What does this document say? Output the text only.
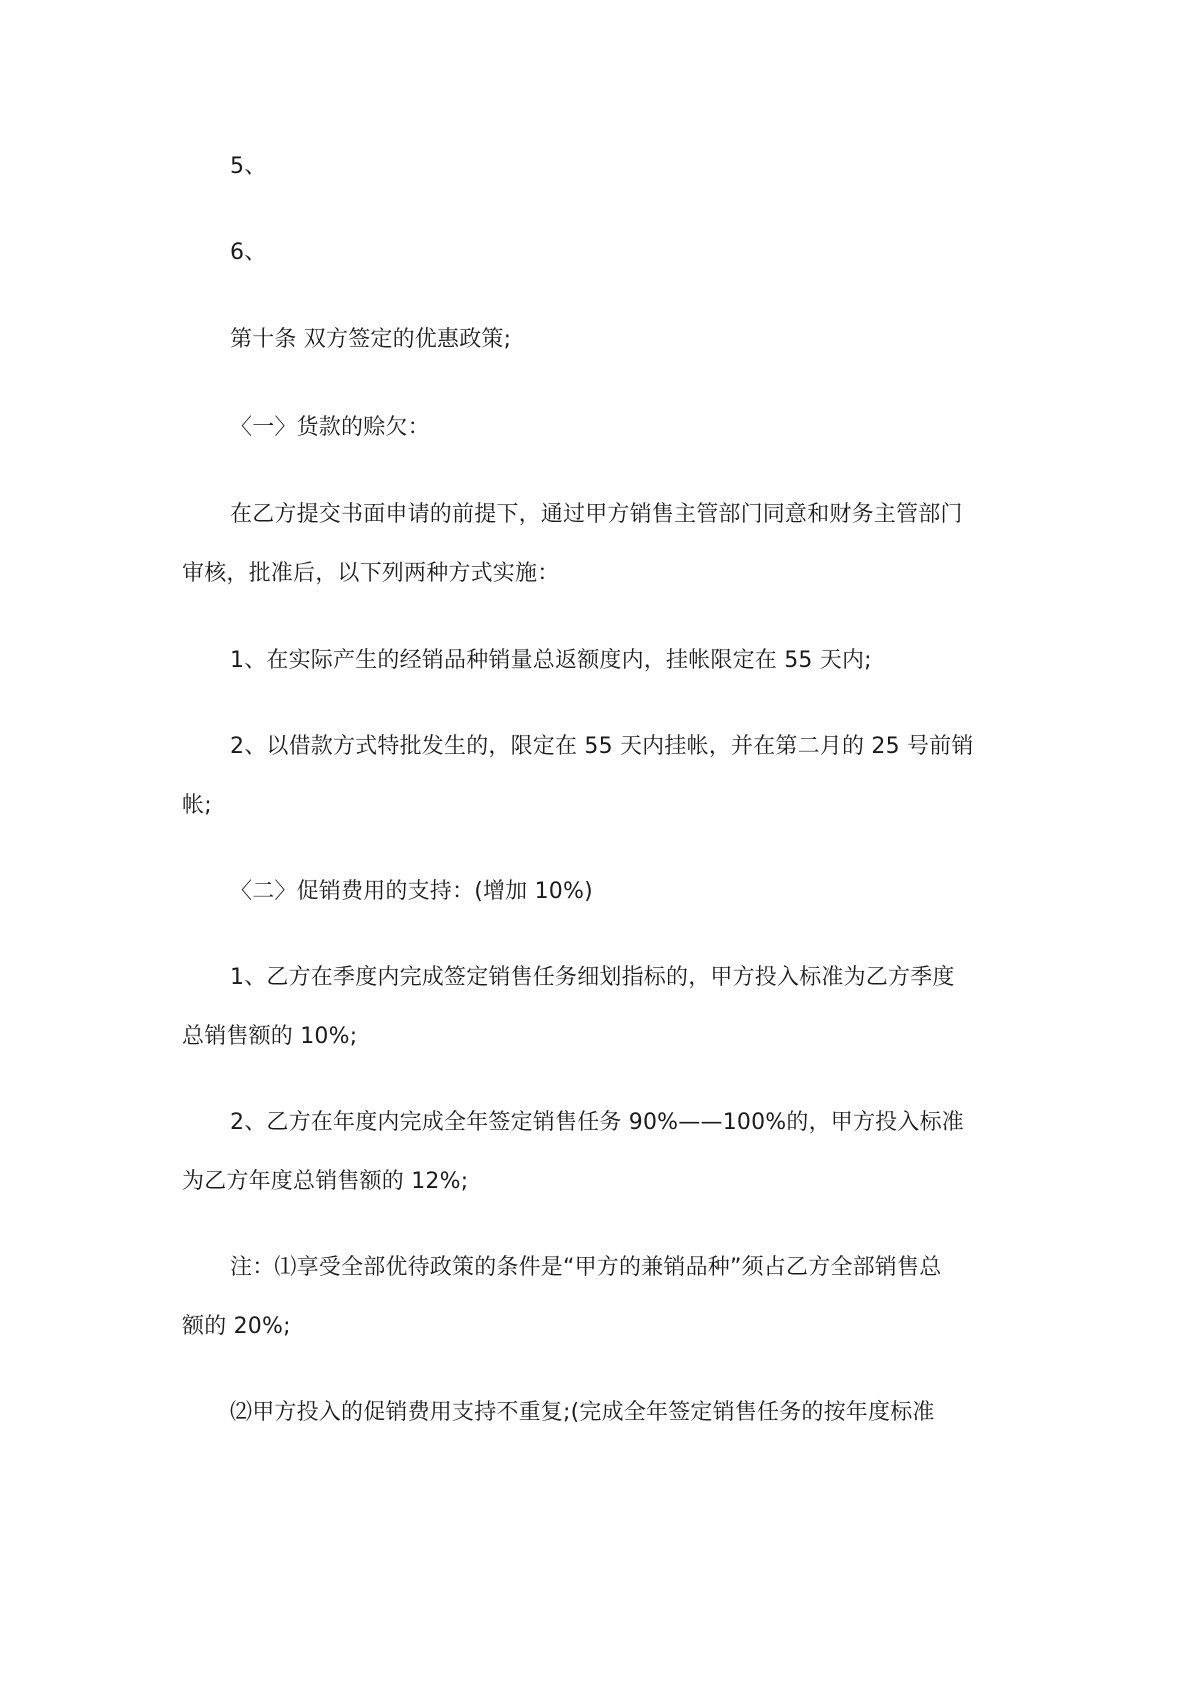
5、
6、
第十条 双方签定的优惠政策;
〈一〉货款的赊欠：
在乙方提交书面申请的前提下，通过甲方销售主管部门同意和财务主管部门
审核，批准后，以下列两种方式实施：
1、在实际产生的经销品种销量总返额度内，挂帐限定在 55 天内;
2、以借款方式特批发生的，限定在 55 天内挂帐，并在第二月的 25 号前销
帐;
〈二〉促销费用的支持：(增加 10%)
1、乙方在季度内完成签定销售任务细划指标的，甲方投入标准为乙方季度
总销售额的 10%;
2、乙方在年度内完成全年签定销售任务 90%——100%的，甲方投入标准
为乙方年度总销售额的 12%;
注：⑴享受全部优待政策的条件是“甲方的兼销品种”须占乙方全部销售总
额的 20%;
⑵甲方投入的促销费用支持不重复;(完成全年签定销售任务的按年度标准
